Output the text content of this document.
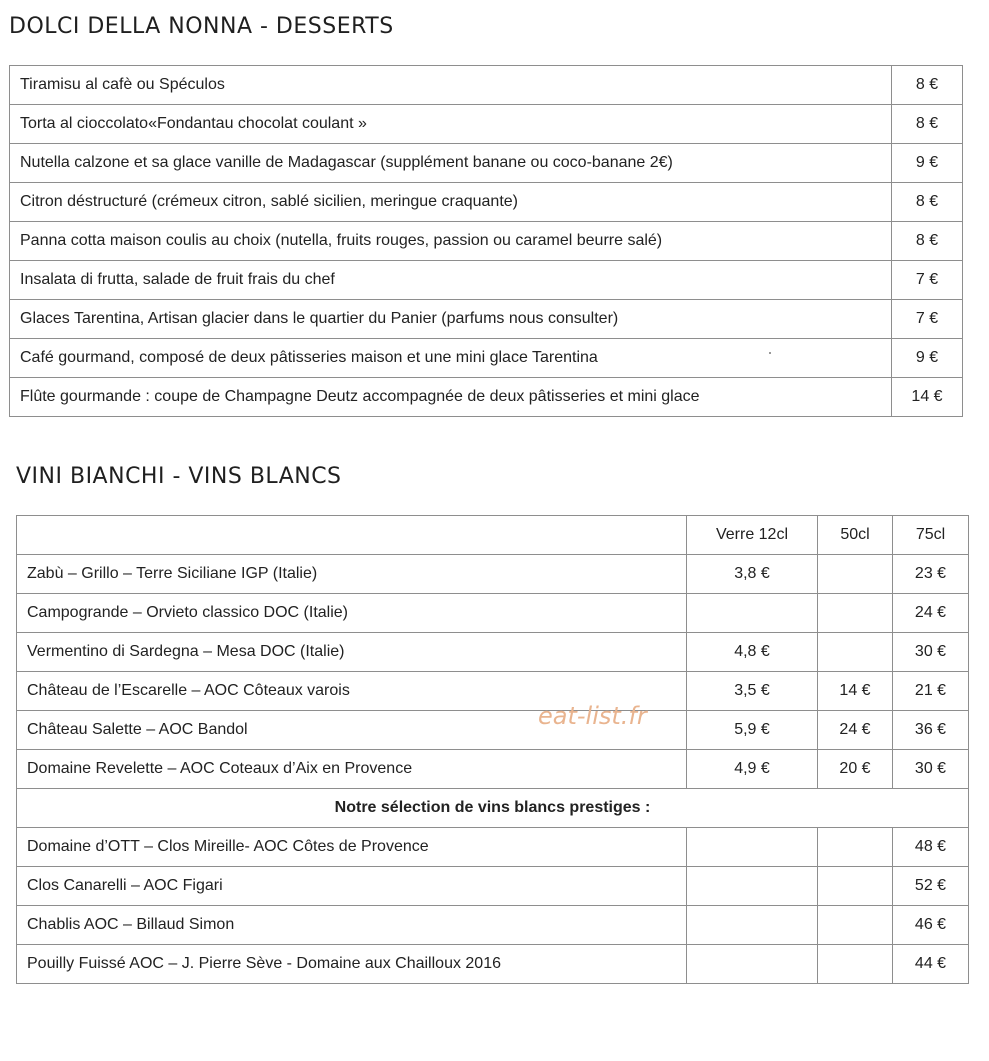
DOLCI DELLA NONNA - DESSERTS
Tiramisu al cafè ou Spéculos	8 €
Torta al cioccolato«Fondantau chocolat coulant »	8 €
Nutella calzone et sa glace vanille de Madagascar (supplément banane ou coco-banane 2€)	9 €
Citron déstructuré (crémeux citron, sablé sicilien, meringue craquante)	8 €
Panna cotta maison coulis au choix (nutella, fruits rouges, passion ou caramel beurre salé)	8 €
Insalata di frutta, salade de fruit frais du chef	7 €
Glaces Tarentina, Artisan glacier dans le quartier du Panier (parfums nous consulter)	7 €
Café gourmand, composé de deux pâtisseries maison et une mini glace Tarentina	9 €
Flûte gourmande : coupe de Champagne Deutz accompagnée de deux pâtisseries et mini glace	14 €
VINI BIANCHI - VINS BLANCS
	Verre 12cl	50cl	75cl
Zabù – Grillo – Terre Siciliane IGP (Italie)	3,8 €		23 €
Campogrande – Orvieto classico DOC (Italie)			24 €
Vermentino di Sardegna – Mesa DOC (Italie)	4,8 €		30 €
Château de l’Escarelle – AOC Côteaux varois	3,5 €	14 €	21 €
Château Salette – AOC Bandol	5,9 €	24 €	36 €
Domaine Revelette – AOC Coteaux d’Aix en Provence	4,9 €	20 €	30 €
Notre sélection de vins blancs prestiges :			
Domaine d’OTT – Clos Mireille- AOC Côtes de Provence			48 €
Clos Canarelli – AOC Figari			52 €
Chablis AOC – Billaud Simon			46 €
Pouilly Fuissé AOC – J. Pierre Sève - Domaine aux Chailloux 2016			44 €
eat-list.fr
